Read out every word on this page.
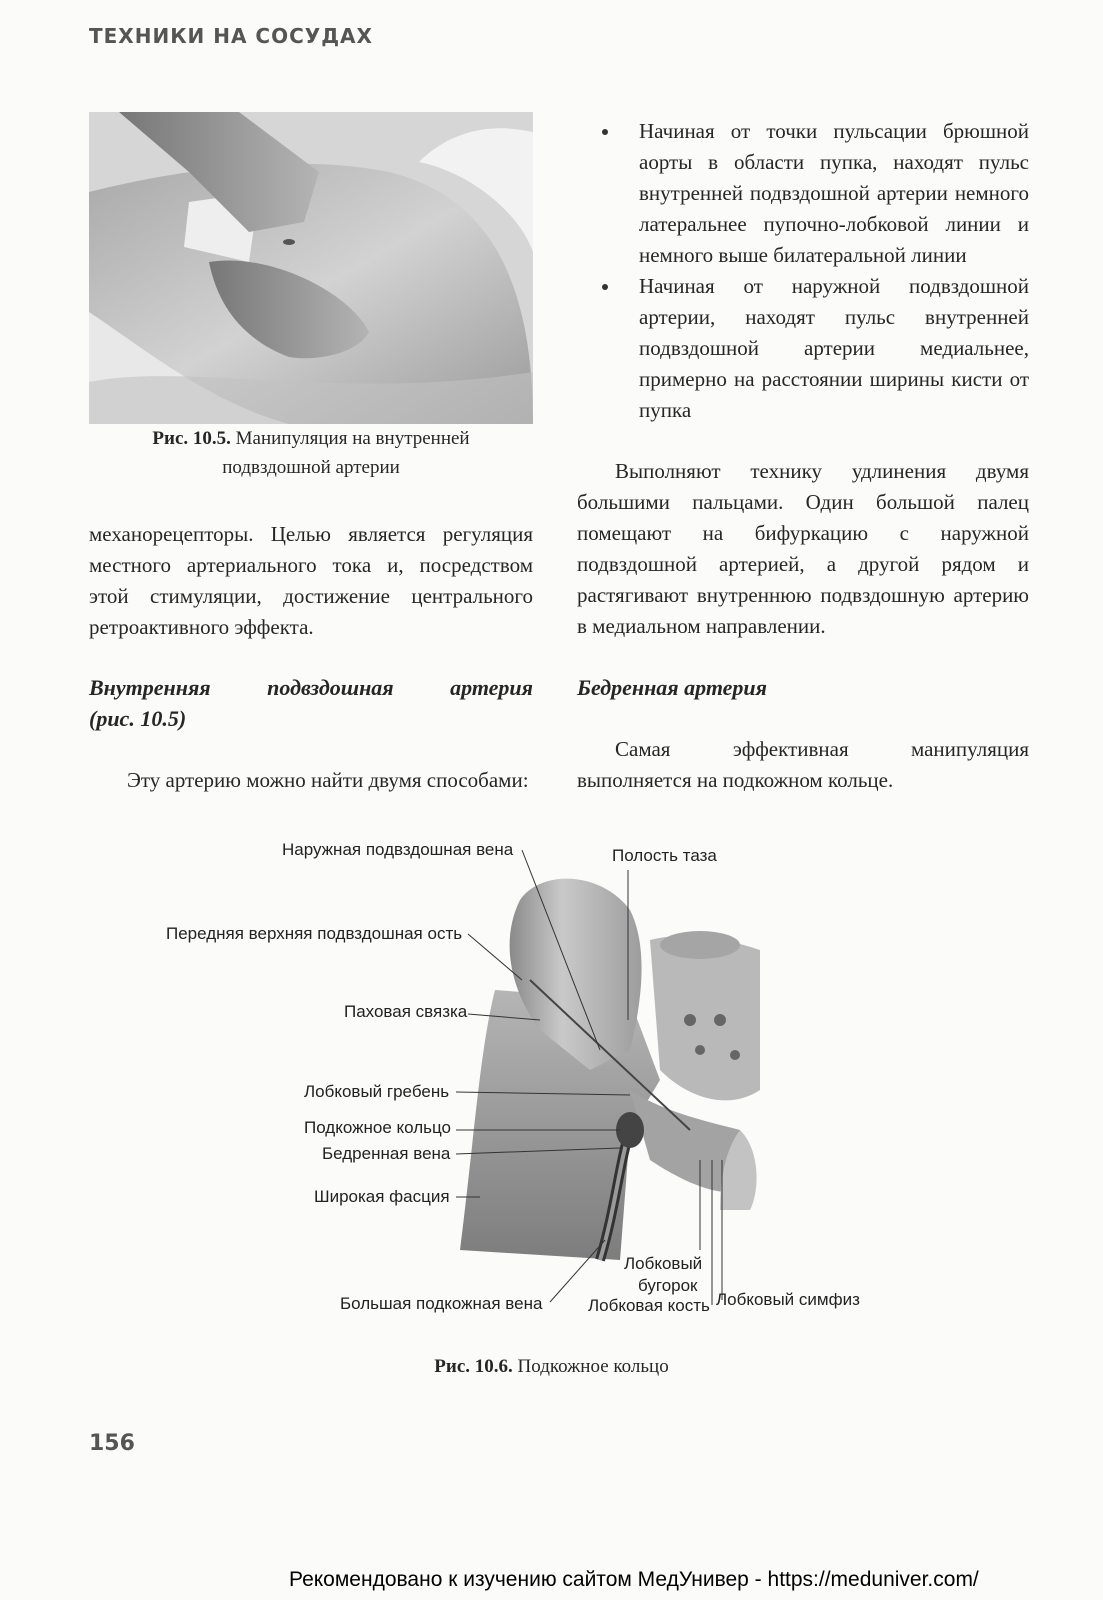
ТЕХНИКИ НА СОСУДАХ
Рис. 10.5. Манипуляция на внутренней
подвздошной артерии

механорецепторы. Целью является регуляция местного артериального тока и, посредством этой стимуляции, достижение центрального ретроактивного эффекта.

Внутренняя подвздошная артерия

(рис. 10.5)

Эту артерию можно найти двумя способами:

Начиная от точки пульсации брюшной аорты в области пупка, находят пульс внутренней подвздошной артерии немного латеральнее пупочно-лобковой линии и немного выше билатеральной линии
Начиная от наружной подвздошной артерии, находят пульс внутренней подвздошной артерии медиальнее, примерно на расстоянии ширины кисти от пупка

Выполняют технику удлинения двумя большими пальцами. Один большой палец помещают на бифуркацию с наружной подвздошной артерией, а другой рядом и растягивают внутреннюю подвздошную артерию в медиальном направлении.

Бедренная артерия

Самая эффективная манипуляция выполняется на подкожном кольце.

Наружная подвздошная вена	Полость таза
Передняя верхняя подвздошная ость
Паховая связка
Лобковый гребень
Подкожное кольцо
Бедренная вена
Широкая фасция
Лобковый
бугорок
Большая подкожная вена	Лобковая кость Лобковый симфиз
Рис. 10.6. Подкожное кольцо
156
Рекомендовано к изучению сайтом МедУнивер - https://meduniver.com/
